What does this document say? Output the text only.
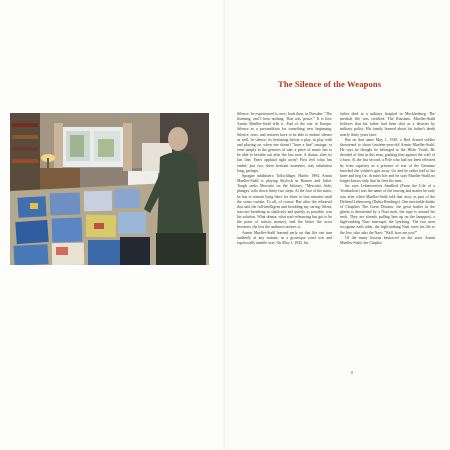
The Silence of the Weapons

Silence: he experienced it once, back then, in Dresden: "The listening, and I hear nothing. That was 'peace.'" It is how Armin Mueller-Stahl tells it. End of the war in Europe. Silence as a precondition for something new beginning. Silence, rests, and textures have to be able to endure silence as well. In silence, its hesitating before a play, in play with and playing on, when one doesn't "have a line" onstage, or even simply in the gestures of one: a piece of music has to be able to breathe out after the last note. A drama, after its last line. Years applaud right away! First feel what has ended, just two, three hesitant moments, stay inhalation long, perhaps.

Sprague inhabitiers: Tollschläger, Hurtle, 1994. Armin Mueller-Stahl is playing Shylock in Romeo and Juliet. Tough seeks Mercutio on the balcony. "Mercutio, hide, plunges, rolls down thirty-two steps. At the foot of the stairs, he has to remain lying there for three or four minutes until the scene curtain. To all, of course. But after the rehearsal that said the full-intelligent and heralding my caring: Silent, staccato breathing as shallowly and quietly as possible, was his solution. What drama, what soul-rehearsing has got to be the point of artistic mastery, and the better the actor becomes, the less the audience notices it.

Armin Mueller-Stahl learned early on that life can turn suddenly at any minute, in a grotesque cruel war and equivocally tumble over. On May 1, 1945, his

father died in a military hospital in Mecklenburg. The medical file was certified: The Russians. Mueller-Stahl believes that his father had been shot as a deserter by military police. His family learned about his father's death nearly thirty years later.

But on that same May 1, 1945, a Red Armed soldier threatened to shoot fourteen-year-old Armin Mueller-Stahl. He says he thought he belonged to the Hitler Youth. He decided of him in this man, pushing him against the wall of a barn. At the last second, a Pole who had not been released by from captivity as a prisoner of war of the Germans knocked the soldier's gun away. Go and he rather had to his knee and beg for. Armin's life and he says Mueller-Stahl no longer knows only that he fires his men.

his own Lebensweises Sandlied (From the Life of a Troubadour) was the name of the touring and matter he only was after when Mueller-Stahl told that story as part of the Defined Lebensweg (Dubia Readings). One inevitable thinks of Chaplin's The Great Dictator, the great barber in the ghetto is threatened by a Nazi mob, the rope is around his neck. They are already pulling him up on the lamppost, a high-ranking Nazi interrupts the lynching. The two men recognize each other, the high-ranking Nazi owes his life to the Jew, who asks the Nazi: "Well, how are you?"

Of the many lessons bestowed on the actor Armin Mueller-Stahl, the Chaplin

11
